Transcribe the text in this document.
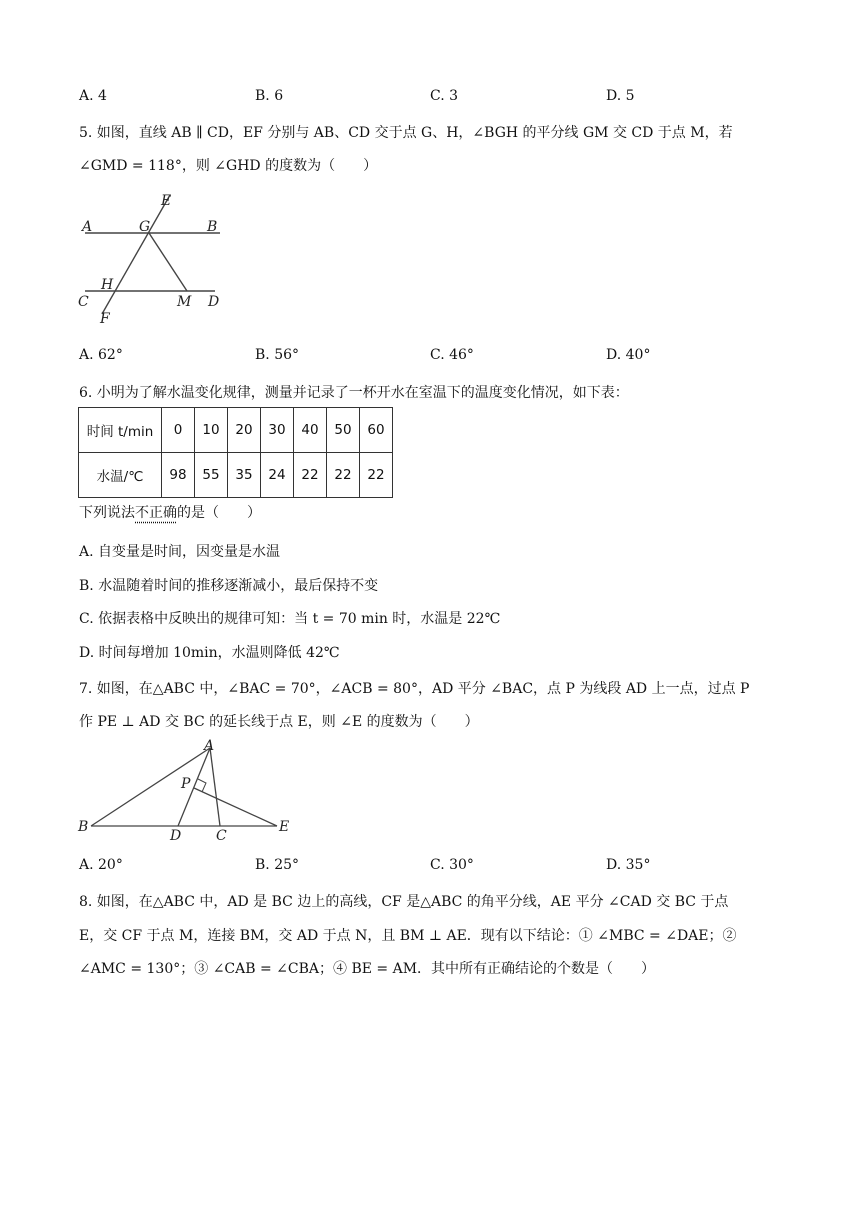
A. 4	B. 6	C. 3	D. 5
5. 如图，直线 AB ∥ CD，EF 分别与 AB、CD 交于点 G、H，∠BGH 的平分线 GM 交 CD 于点 M，若
∠GMD = 118°，则 ∠GHD 的度数为（　　）
E
A	G	B
H
C	M D
F
A. 62°	B. 56°	C. 46°	D. 40°
6. 小明为了解水温变化规律，测量并记录了一杯开水在室温下的温度变化情况，如下表：
时间 t/min	0	10	20	30	40	50	60
水温/℃	98	55	35	24	22	22	22
下列说法不正确的是（　　）
A. 自变量是时间，因变量是水温
B. 水温随着时间的推移逐渐减小，最后保持不变
C. 依据表格中反映出的规律可知：当 t = 70 min 时，水温是 22℃
D. 时间每增加 10min，水温则降低 42℃
7. 如图，在△ABC 中，∠BAC = 70°，∠ACB = 80°，AD 平分 ∠BAC，点 P 为线段 AD 上一点，过点 P
作 PE ⊥ AD 交 BC 的延长线于点 E，则 ∠E 的度数为（　　）
A
P
B
D C
E
A. 20°	B. 25°	C. 30°	D. 35°
8. 如图，在△ABC 中，AD 是 BC 边上的高线，CF 是△ABC 的角平分线，AE 平分 ∠CAD 交 BC 于点
E，交 CF 于点 M，连接 BM，交 AD 于点 N，且 BM ⊥ AE．现有以下结论：① ∠MBC = ∠DAE；②
∠AMC = 130°；③ ∠CAB = ∠CBA；④ BE = AM．其中所有正确结论的个数是（　　）
